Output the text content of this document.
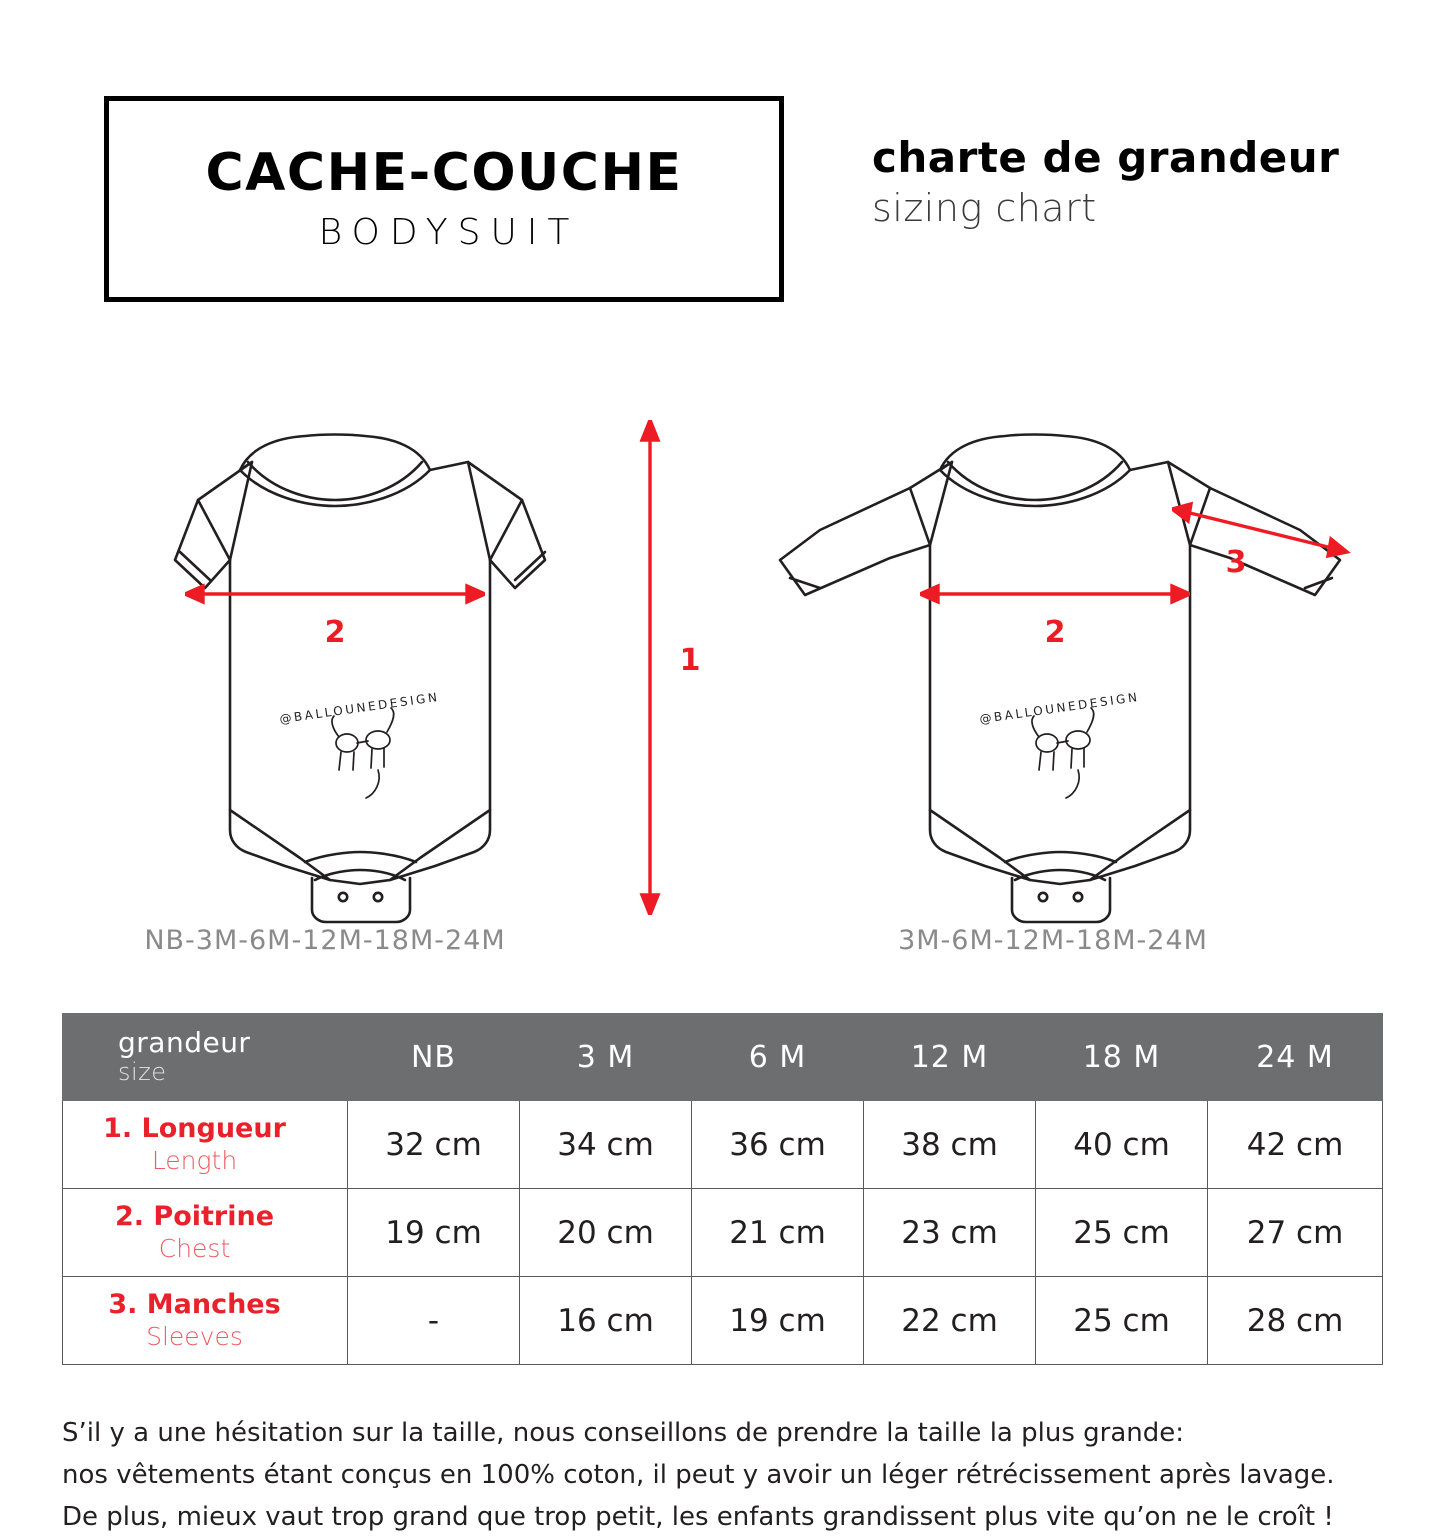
CACHE-COUCHE
BODYSUIT
charte de grandeur
sizing chart
@BALLOUNEDESIGN
2
1
@BALLOUNEDESIGN
2
3
NB-3M-6M-12M-18M-24M	3M-6M-12M-18M-24M
grandeur
size	NB	3 M	6 M	12 M	18 M	24 M

1. Longueur
Length	32 cm	34 cm	36 cm	38 cm	40 cm	42 cm

2. Poitrine
Chest	19 cm	20 cm	21 cm	23 cm	25 cm	27 cm

3. Manches
Sleeves	-	16 cm	19 cm	22 cm	25 cm	28 cm
S’il y a une hésitation sur la taille, nous conseillons de prendre la taille la plus grande:
nos vêtements étant conçus en 100% coton, il peut y avoir un léger rétrécissement après lavage.
De plus, mieux vaut trop grand que trop petit, les enfants grandissent plus vite qu’on ne le croît !
